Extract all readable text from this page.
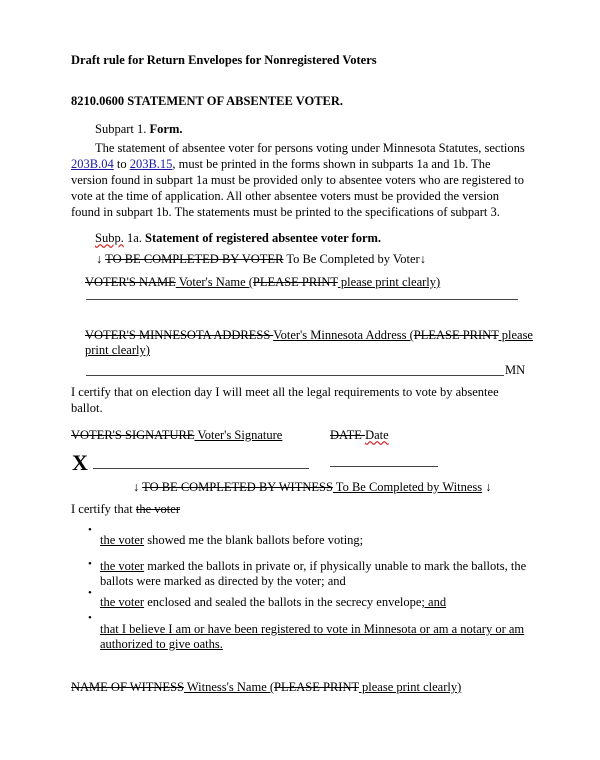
Draft rule for Return Envelopes for Nonregistered Voters
8210.0600 STATEMENT OF ABSENTEE VOTER.
Subpart 1. Form.
The statement of absentee voter for persons voting under Minnesota Statutes, sections
203B.04 to 203B.15, must be printed in the forms shown in subparts 1a and 1b. The
version found in subpart 1a must be provided only to absentee voters who are registered to
vote at the time of application. All other absentee voters must be provided the version
found in subpart 1b. The statements must be printed to the specifications of subpart 3.
Subp. 1a. Statement of registered absentee voter form.
↓ TO BE COMPLETED BY VOTER To Be Completed by Voter↓
VOTER'S NAME Voter's Name (PLEASE PRINT please print clearly)
VOTER'S MINNESOTA ADDRESS Voter's Minnesota Address (PLEASE PRINT please
print clearly)
MN
I certify that on election day I will meet all the legal requirements to vote by absentee
ballot.
VOTER'S SIGNATURE Voter's Signature	DATE Date
X
↓ TO BE COMPLETED BY WITNESS To Be Completed by Witness ↓
I certify that the voter
•
the voter showed me the blank ballots before voting;
• the voter marked the ballots in private or, if physically unable to mark the ballots, the
ballots were marked as directed by the voter; and
•
the voter enclosed and sealed the ballots in the secrecy envelope; and
•
that I believe I am or have been registered to vote in Minnesota or am a notary or am
authorized to give oaths.
NAME OF WITNESS Witness's Name (PLEASE PRINT please print clearly)
